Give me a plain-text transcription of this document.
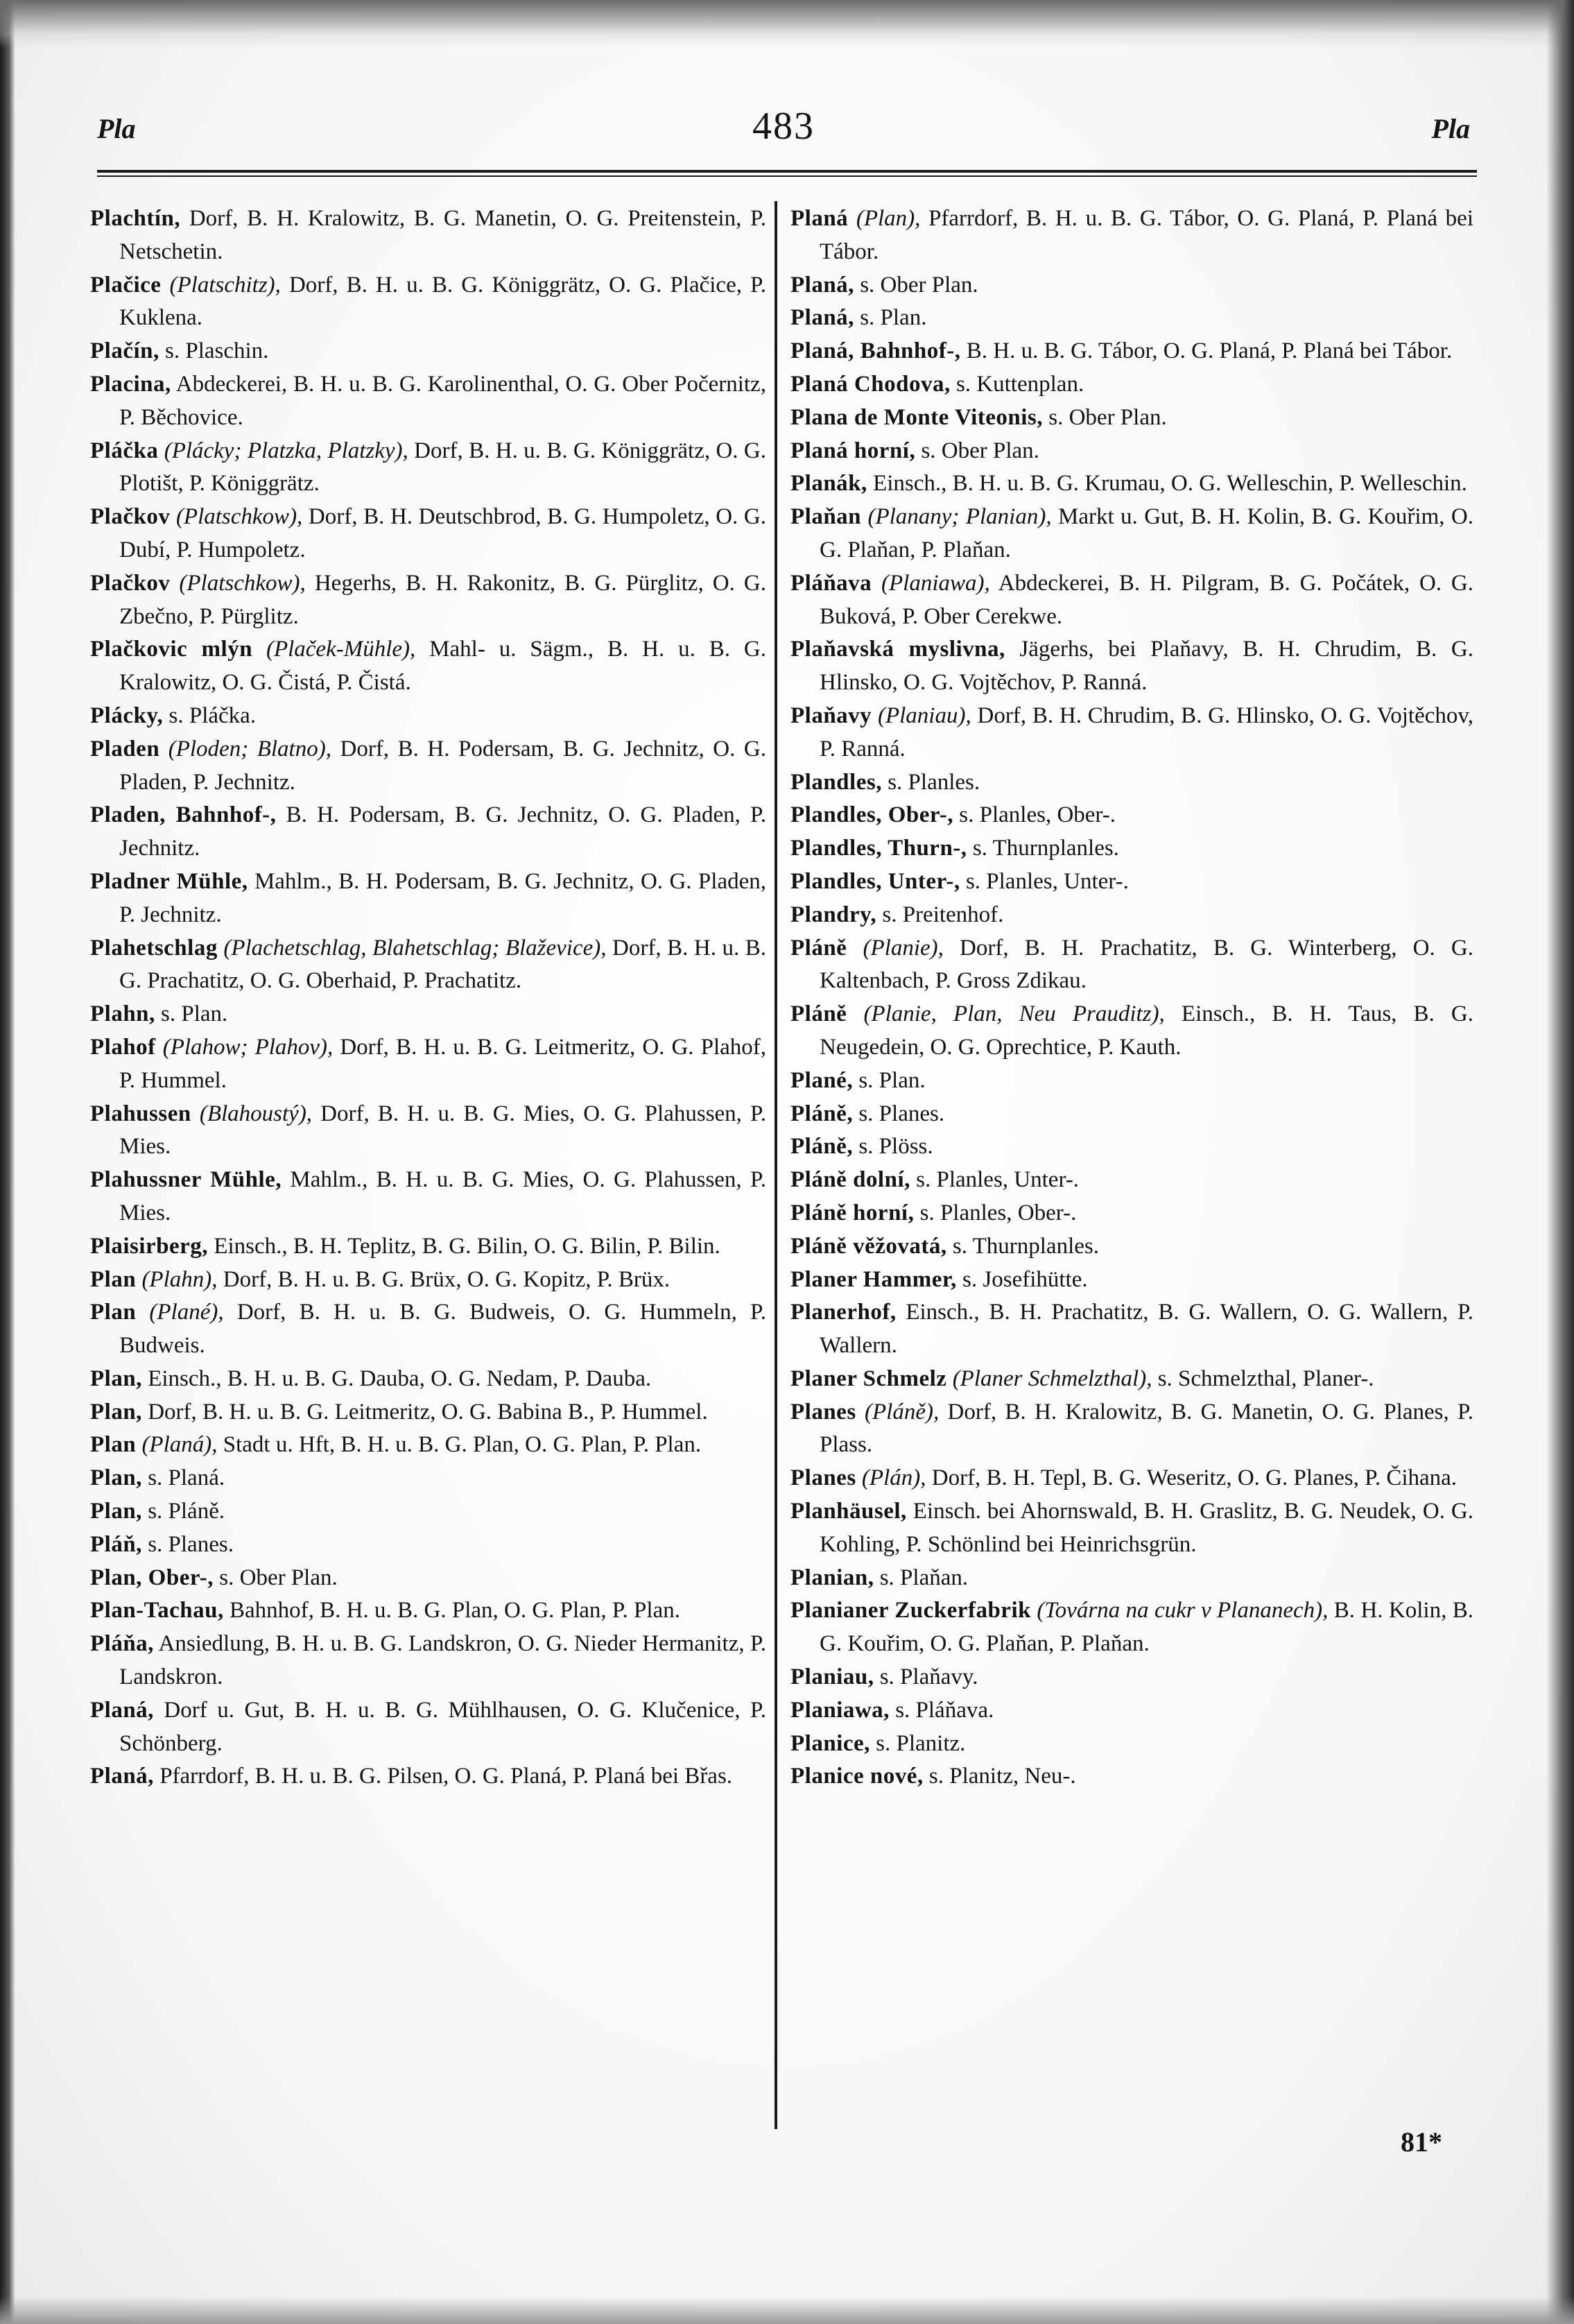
Pla	483	Pla
Plachtín, Dorf, B. H. Kralowitz, B. G. Manetin, O. G. Preitenstein, P. Netschetin.
Plačice (Platschitz), Dorf, B. H. u. B. G. Königgrätz, O. G. Plačice, P. Kuklena.
Plačín, s. Plaschin.
Placina, Abdeckerei, B. H. u. B. G. Karolinenthal, O. G. Ober Počernitz, P. Běchovice.
Pláčka (Plácky; Platzka, Platzky), Dorf, B. H. u. B. G. Königgrätz, O. G. Plotišt, P. Königgrätz.
Plačkov (Platschkow), Dorf, B. H. Deutschbrod, B. G. Humpoletz, O. G. Dubí, P. Humpoletz.
Plačkov (Platschkow), Hegerhs, B. H. Rakonitz, B. G. Pürglitz, O. G. Zbečno, P. Pürglitz.
Plačkovic mlýn (Plaček-Mühle), Mahl- u. Sägm., B. H. u. B. G. Kralowitz, O. G. Čistá, P. Čistá.
Plácky, s. Pláčka.
Pladen (Ploden; Blatno), Dorf, B. H. Podersam, B. G. Jechnitz, O. G. Pladen, P. Jechnitz.
Pladen, Bahnhof-, B. H. Podersam, B. G. Jechnitz, O. G. Pladen, P. Jechnitz.
Pladner Mühle, Mahlm., B. H. Podersam, B. G. Jechnitz, O. G. Pladen, P. Jechnitz.
Plahetschlag (Plachetschlag, Blahetschlag; Blaževice), Dorf, B. H. u. B. G. Prachatitz, O. G. Oberhaid, P. Prachatitz.
Plahn, s. Plan.
Plahof (Plahow; Plahov), Dorf, B. H. u. B. G. Leitmeritz, O. G. Plahof, P. Hummel.
Plahussen (Blahoustý), Dorf, B. H. u. B. G. Mies, O. G. Plahussen, P. Mies.
Plahussner Mühle, Mahlm., B. H. u. B. G. Mies, O. G. Plahussen, P. Mies.
Plaisirberg, Einsch., B. H. Teplitz, B. G. Bilin, O. G. Bilin, P. Bilin.
Plan (Plahn), Dorf, B. H. u. B. G. Brüx, O. G. Kopitz, P. Brüx.
Plan (Plané), Dorf, B. H. u. B. G. Budweis, O. G. Hummeln, P. Budweis.
Plan, Einsch., B. H. u. B. G. Dauba, O. G. Nedam, P. Dauba.
Plan, Dorf, B. H. u. B. G. Leitmeritz, O. G. Babina B., P. Hummel.
Plan (Planá), Stadt u. Hft, B. H. u. B. G. Plan, O. G. Plan, P. Plan.
Plan, s. Planá.
Plan, s. Pláně.
Pláň, s. Planes.
Plan, Ober-, s. Ober Plan.
Plan-Tachau, Bahnhof, B. H. u. B. G. Plan, O. G. Plan, P. Plan.
Pláňa, Ansiedlung, B. H. u. B. G. Landskron, O. G. Nieder Hermanitz, P. Landskron.
Planá, Dorf u. Gut, B. H. u. B. G. Mühlhausen, O. G. Klučenice, P. Schönberg.
Planá, Pfarrdorf, B. H. u. B. G. Pilsen, O. G. Planá, P. Planá bei Břas.
Planá (Plan), Pfarrdorf, B. H. u. B. G. Tábor, O. G. Planá, P. Planá bei Tábor.
Planá, s. Ober Plan.
Planá, s. Plan.
Planá, Bahnhof-, B. H. u. B. G. Tábor, O. G. Planá, P. Planá bei Tábor.
Planá Chodova, s. Kuttenplan.
Plana de Monte Viteonis, s. Ober Plan.
Planá horní, s. Ober Plan.
Planák, Einsch., B. H. u. B. G. Krumau, O. G. Welleschin, P. Welleschin.
Plaňan (Planany; Planian), Markt u. Gut, B. H. Kolin, B. G. Kouřim, O. G. Plaňan, P. Plaňan.
Pláňava (Planiawa), Abdeckerei, B. H. Pilgram, B. G. Počátek, O. G. Buková, P. Ober Cerekwe.
Plaňavská myslivna, Jägerhs, bei Plaňavy, B. H. Chrudim, B. G. Hlinsko, O. G. Vojtěchov, P. Ranná.
Plaňavy (Planiau), Dorf, B. H. Chrudim, B. G. Hlinsko, O. G. Vojtěchov, P. Ranná.
Plandles, s. Planles.
Plandles, Ober-, s. Planles, Ober-.
Plandles, Thurn-, s. Thurnplanles.
Plandles, Unter-, s. Planles, Unter-.
Plandry, s. Preitenhof.
Pláně (Planie), Dorf, B. H. Prachatitz, B. G. Winterberg, O. G. Kaltenbach, P. Gross Zdikau.
Pláně (Planie, Plan, Neu Prauditz), Einsch., B. H. Taus, B. G. Neugedein, O. G. Oprechtice, P. Kauth.
Plané, s. Plan.
Pláně, s. Planes.
Pláně, s. Plöss.
Pláně dolní, s. Planles, Unter-.
Pláně horní, s. Planles, Ober-.
Pláně věžovatá, s. Thurnplanles.
Planer Hammer, s. Josefihütte.
Planerhof, Einsch., B. H. Prachatitz, B. G. Wallern, O. G. Wallern, P. Wallern.
Planer Schmelz (Planer Schmelzthal), s. Schmelzthal, Planer-.
Planes (Pláně), Dorf, B. H. Kralowitz, B. G. Manetin, O. G. Planes, P. Plass.
Planes (Plán), Dorf, B. H. Tepl, B. G. Weseritz, O. G. Planes, P. Čihana.
Planhäusel, Einsch. bei Ahornswald, B. H. Graslitz, B. G. Neudek, O. G. Kohling, P. Schönlind bei Heinrichsgrün.
Planian, s. Plaňan.
Planianer Zuckerfabrik (Továrna na cukr v Plananech), B. H. Kolin, B. G. Kouřim, O. G. Plaňan, P. Plaňan.
Planiau, s. Plaňavy.
Planiawa, s. Pláňava.
Planice, s. Planitz.
Planice nové, s. Planitz, Neu-.
81*
